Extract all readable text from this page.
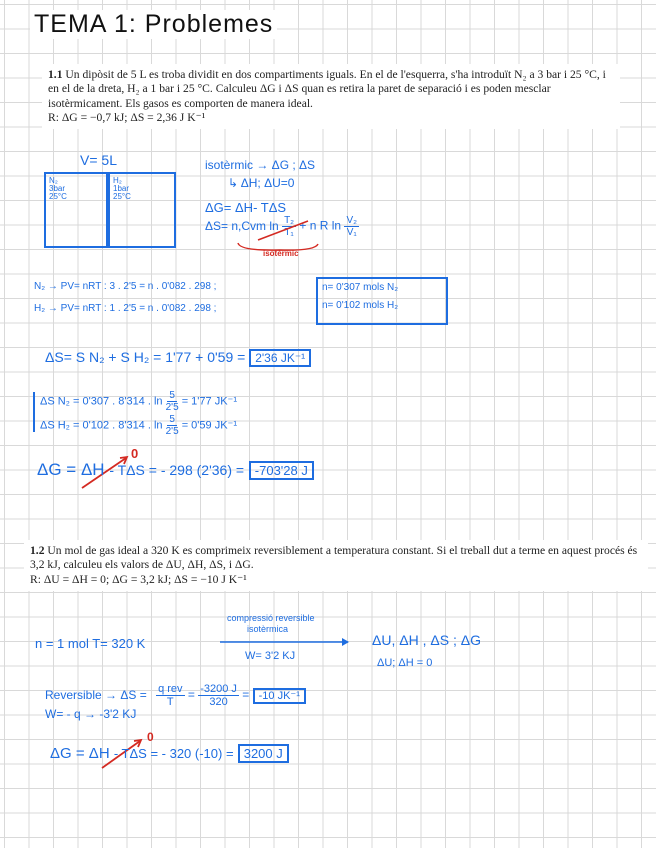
TEMA 1: Problemes
1.1 Un dipòsit de 5 L es troba dividit en dos compartiments iguals. En el de l'esquerra, s'ha introduït N₂ a 3 bar i 25 °C, i en el de la dreta, H₂ a 1 bar i 25 °C. Calculeu ΔG i ΔS quan es retira la paret de separació i es poden mesclar isotèrmicament. Els gasos es comporten de manera ideal.
R: ΔG = −0,7 kJ; ΔS = 2,36 J K⁻¹
V= 5L
N₂
3bar
25°C
H₂
1bar
25°C
isotèrmic → ΔG ; ΔS
↳ ΔH; ΔU=0
ΔG= ΔH- TΔS
ΔS= n,Cvm $\ln \frac{\text{T₂}}{\text{T₁}} + n$ R $\ln \frac{\text{V₂}}{\text{V₁}}$
isotèrmic
N₂ → PV= nRT : 3 . 2'5 = n . 0'082 . 298 ;
H₂ → PV= nRT : 1 . 2'5 = n . 0'082 . 298 ;
n= 0'307 mols N₂
n= 0'102 mols H₂
ΔS= S N₂ + S H₂ = 1'77 + 0'59 = 2'36 JK⁻¹
ΔS N₂ = 0'307 . 8'314 . $\ln \frac{5}{2'5} = 1'77$ JK⁻¹
ΔS H₂ = 0'102 . 8'314 . $\ln \frac{5}{2'5} = 0'59$ JK⁻¹
0
ΔG = ΔH - TΔS = - 298 (2'36) = -703'28 J
1.2 Un mol de gas ideal a 320 K es comprimeix reversiblement a temperatura constant. Si el treball dut a terme en aquest procés és 3,2 kJ, calculeu els valors de ΔU, ΔH, ΔS, i ΔG.
R: ΔU = ΔH = 0; ΔG = 3,2 kJ; ΔS = −10 J K⁻¹
compressió reversible
isotèrmica
n = 1 mol T= 320 K
W= 3'2 KJ
ΔU, ΔH , ΔS ; ΔG
ΔU; ΔH = 0
Reversible → $\Delta S = \frac{\text{q rev}}{T} = \frac{-3200 J}{320} = -10$ JK⁻¹
W= - q → -3'2 KJ
0
ΔG = ΔH - TΔS = - 320 (-10) = 3200 J
